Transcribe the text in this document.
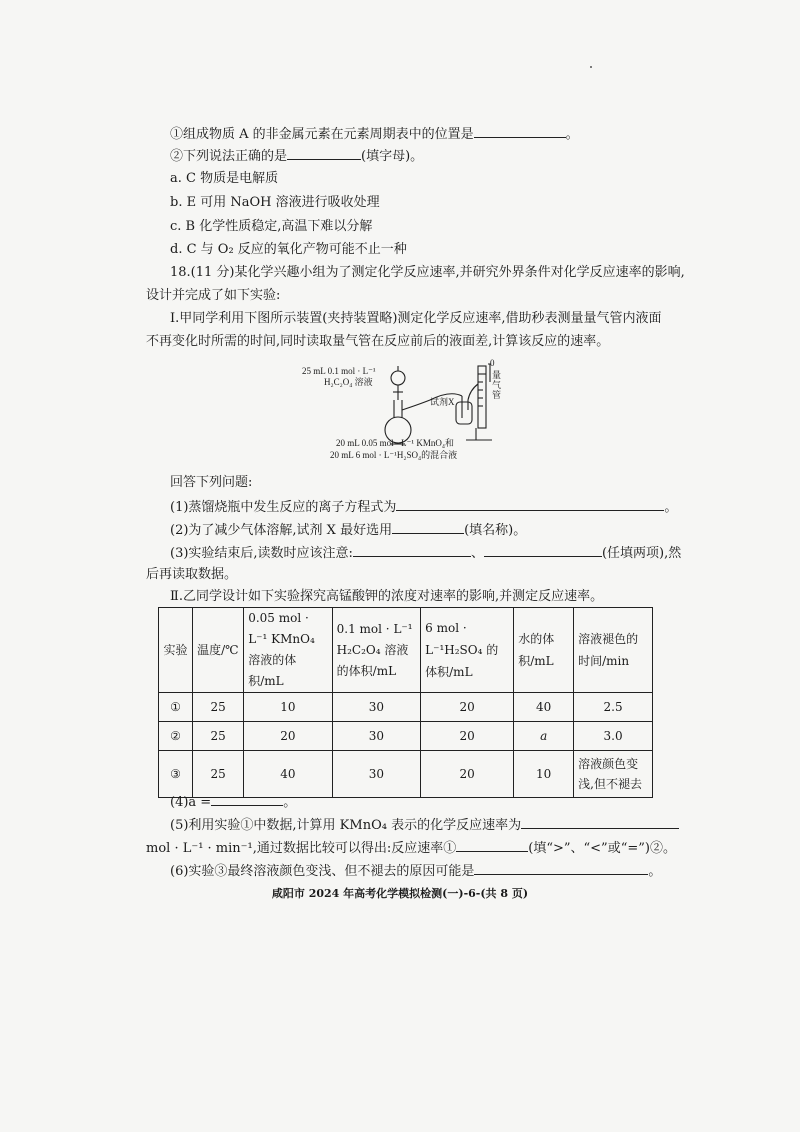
①组成物质 A 的非金属元素在元素周期表中的位置是	。
②下列说法正确的是	(填字母)。
a. C 物质是电解质
b. E 可用 NaOH 溶液进行吸收处理
c. B 化学性质稳定,高温下难以分解
d. C 与 O₂ 反应的氧化产物可能不止一种
18.(11 分)某化学兴趣小组为了测定化学反应速率,并研究外界条件对化学反应速率的影响,
设计并完成了如下实验:
Ⅰ.甲同学利用下图所示装置(夹持装置略)测定化学反应速率,借助秒表测量量气管内液面
不再变化时所需的时间,同时读取量气管在反应前后的液面差,计算该反应的速率。
25 mL 0.1 mol · L⁻¹
H₂C₂O₄ 溶液
试剂X
0
量气管
20 mL 0.05 mol · L⁻¹ KMnO₄和
20 mL 6 mol · L⁻¹H₂SO₄的混合液
回答下列问题:
(1)蒸馏烧瓶中发生反应的离子方程式为	。
(2)为了减少气体溶解,试剂 X 最好选用	(填名称)。
(3)实验结束后,读数时应该注意:	、	(任填两项),然
后再读取数据。
Ⅱ.乙同学设计如下实验探究高锰酸钾的浓度对速率的影响,并测定反应速率。
实验	温度/℃	0.05 mol · L⁻¹ KMnO₄ 溶液的体积/mL	0.1 mol · L⁻¹ H₂C₂O₄ 溶液的体积/mL	6 mol · L⁻¹H₂SO₄ 的体积/mL	水的体积/mL	溶液褪色的时间/min
①	25	10	30	20	40	2.5
②	25	20	30	20	a	3.0
③	25	40	30	20	10	溶液颜色变浅,但不褪去
(4)a =	。
(5)利用实验①中数据,计算用 KMnO₄ 表示的化学反应速率为
mol · L⁻¹ · min⁻¹,通过数据比较可以得出:反应速率①	(填“>”、“<”或“=”)②。
(6)实验③最终溶液颜色变浅、但不褪去的原因可能是	。
咸阳市 2024 年高考化学模拟检测(一)-6-(共 8 页)
